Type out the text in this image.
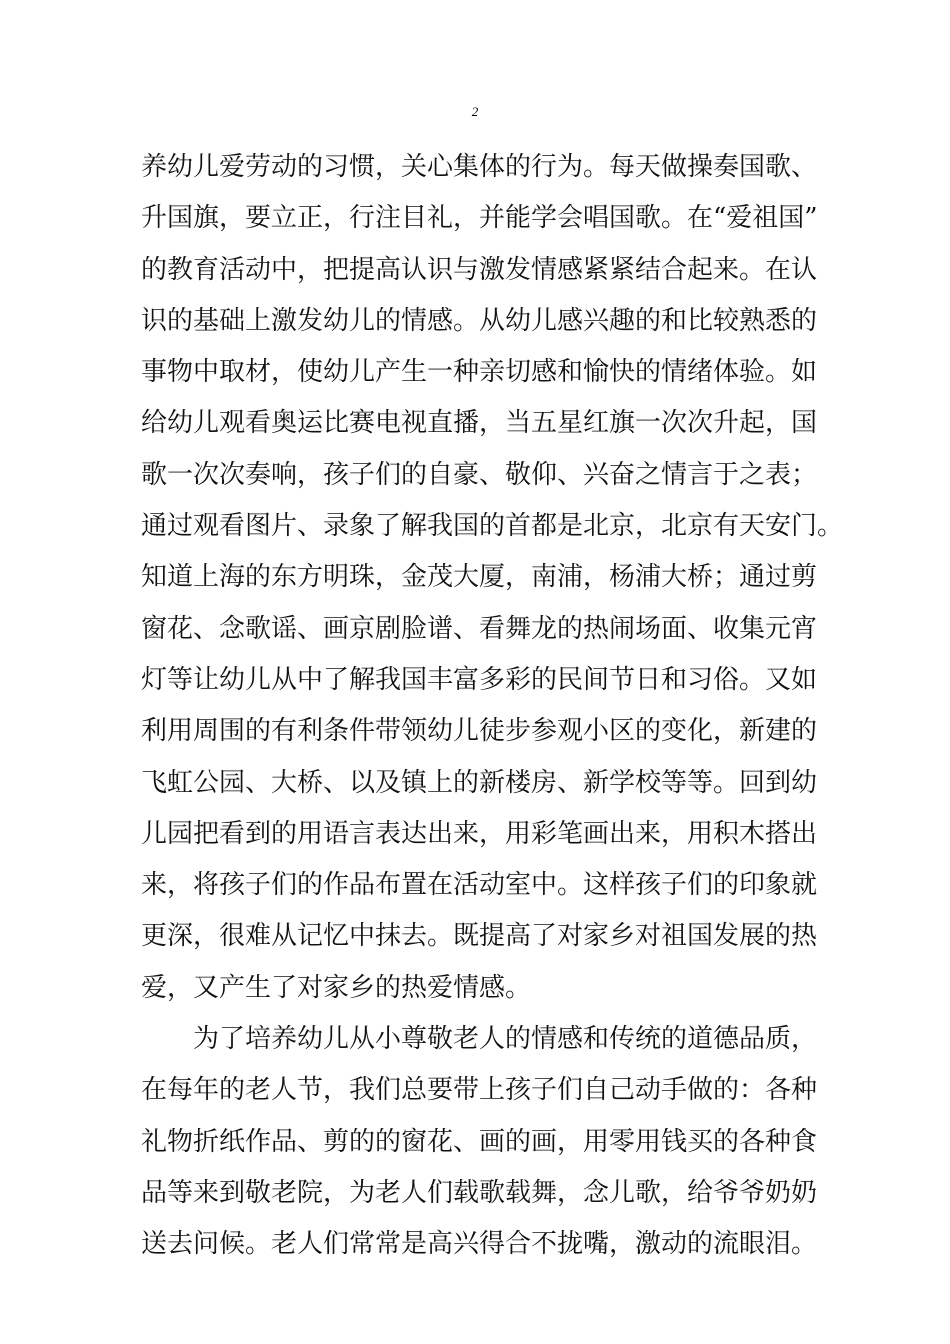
2
养幼儿爱劳动的习惯，关心集体的行为。每天做操奏国歌、
升国旗，要立正，行注目礼，并能学会唱国歌。在“爱祖国”
的教育活动中，把提高认识与激发情感紧紧结合起来。在认
识的基础上激发幼儿的情感。从幼儿感兴趣的和比较熟悉的
事物中取材，使幼儿产生一种亲切感和愉快的情绪体验。如
给幼儿观看奥运比赛电视直播，当五星红旗一次次升起，国
歌一次次奏响，孩子们的自豪、敬仰、兴奋之情言于之表；
通过观看图片、录象了解我国的首都是北京，北京有天安门。
知道上海的东方明珠，金茂大厦，南浦，杨浦大桥；通过剪
窗花、念歌谣、画京剧脸谱、看舞龙的热闹场面、收集元宵
灯等让幼儿从中了解我国丰富多彩的民间节日和习俗。又如
利用周围的有利条件带领幼儿徒步参观小区的变化，新建的
飞虹公园、大桥、以及镇上的新楼房、新学校等等。回到幼
儿园把看到的用语言表达出来，用彩笔画出来，用积木搭出
来，将孩子们的作品布置在活动室中。这样孩子们的印象就
更深，很难从记忆中抹去。既提高了对家乡对祖国发展的热
爱，又产生了对家乡的热爱情感。
为了培养幼儿从小尊敬老人的情感和传统的道德品质，
在每年的老人节，我们总要带上孩子们自己动手做的：各种
礼物折纸作品、剪的的窗花、画的画，用零用钱买的各种食
品等来到敬老院，为老人们载歌载舞，念儿歌，给爷爷奶奶
送去问候。老人们常常是高兴得合不拢嘴，激动的流眼泪。
